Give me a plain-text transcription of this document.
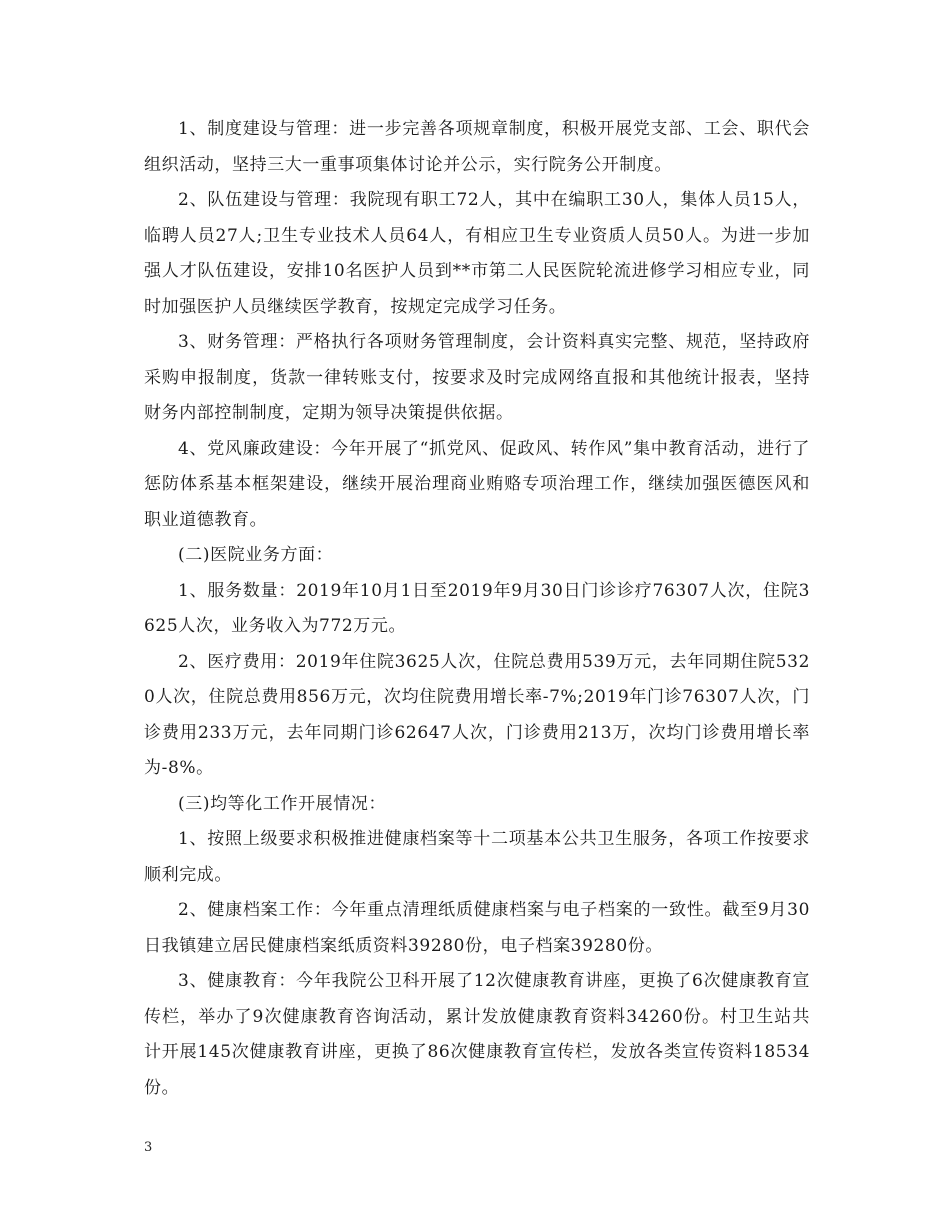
1、制度建设与管理：进一步完善各项规章制度，积极开展党支部、工会、职代会组织活动，坚持三大一重事项集体讨论并公示，实行院务公开制度。

2、队伍建设与管理：我院现有职工72人，其中在编职工30人，集体人员15人，临聘人员27人;卫生专业技术人员64人，有相应卫生专业资质人员50人。为进一步加强人才队伍建设，安排10名医护人员到**市第二人民医院轮流进修学习相应专业，同时加强医护人员继续医学教育，按规定完成学习任务。

3、财务管理：严格执行各项财务管理制度，会计资料真实完整、规范，坚持政府采购申报制度，货款一律转账支付，按要求及时完成网络直报和其他统计报表，坚持财务内部控制制度，定期为领导决策提供依据。

4、党风廉政建设：今年开展了“抓党风、促政风、转作风”集中教育活动，进行了惩防体系基本框架建设，继续开展治理商业贿赂专项治理工作，继续加强医德医风和职业道德教育。

(二)医院业务方面：

1、服务数量：2019年10月1日至2019年9月30日门诊诊疗76307人次，住院3625人次，业务收入为772万元。

2、医疗费用：2019年住院3625人次，住院总费用539万元，去年同期住院5320人次，住院总费用856万元，次均住院费用增长率-7%;2019年门诊76307人次，门诊费用233万元，去年同期门诊62647人次，门诊费用213万，次均门诊费用增长率为-8%。

(三)均等化工作开展情况：

1、按照上级要求积极推进健康档案等十二项基本公共卫生服务，各项工作按要求顺利完成。

2、健康档案工作：今年重点清理纸质健康档案与电子档案的一致性。截至9月30日我镇建立居民健康档案纸质资料39280份，电子档案39280份。

3、健康教育：今年我院公卫科开展了12次健康教育讲座，更换了6次健康教育宣传栏，举办了9次健康教育咨询活动，累计发放健康教育资料34260份。村卫生站共计开展145次健康教育讲座，更换了86次健康教育宣传栏，发放各类宣传资料18534份。

3
